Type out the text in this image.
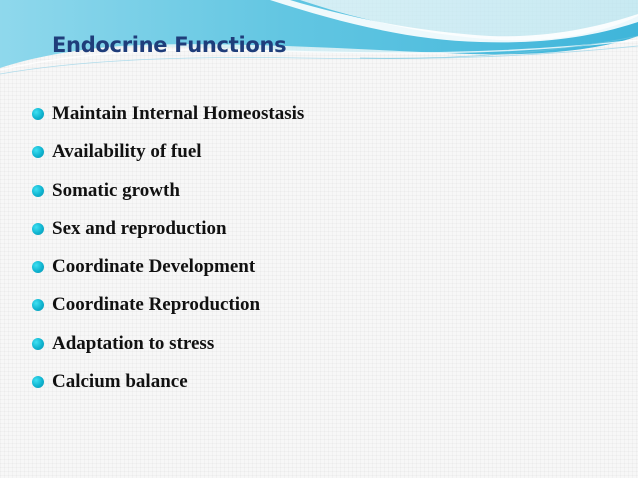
Endocrine Functions
Maintain Internal Homeostasis
Availability of fuel
Somatic growth
Sex and reproduction
Coordinate Development
Coordinate Reproduction
Adaptation to stress
Calcium balance
